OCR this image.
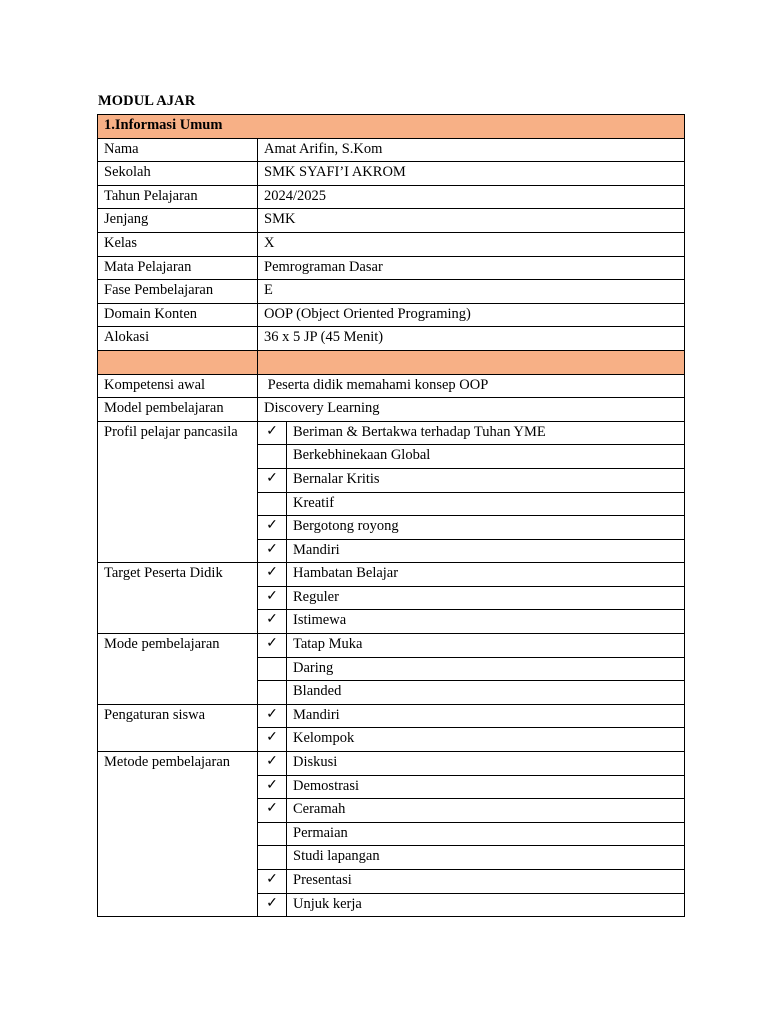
MODUL AJAR
1.Informasi Umum		
Nama	Amat Arifin, S.Kom	
Sekolah	SMK SYAFI’I AKROM	
Tahun Pelajaran	2024/2025	
Jenjang	SMK	
Kelas	X	
Mata Pelajaran	Pemrograman Dasar	
Fase Pembelajaran	E	
Domain Konten	OOP (Object Oriented Programing)	
Alokasi	36 x 5 JP (45 Menit)	

Kompetensi awal	Peserta didik memahami konsep OOP	
Model pembelajaran	Discovery Learning	
Profil pelajar pancasila	✓	Beriman & Bertakwa terhadap Tuhan YME
		Berkebhinekaan Global
	✓	Bernalar Kritis
		Kreatif
	✓	Bergotong royong
	✓	Mandiri
Target Peserta Didik	✓	Hambatan Belajar
	✓	Reguler
	✓	Istimewa
Mode pembelajaran	✓	Tatap Muka
		Daring
		Blanded
Pengaturan siswa	✓	Mandiri
	✓	Kelompok
Metode pembelajaran	✓	Diskusi
	✓	Demostrasi
	✓	Ceramah
		Permaian
		Studi lapangan
	✓	Presentasi
	✓	Unjuk kerja
